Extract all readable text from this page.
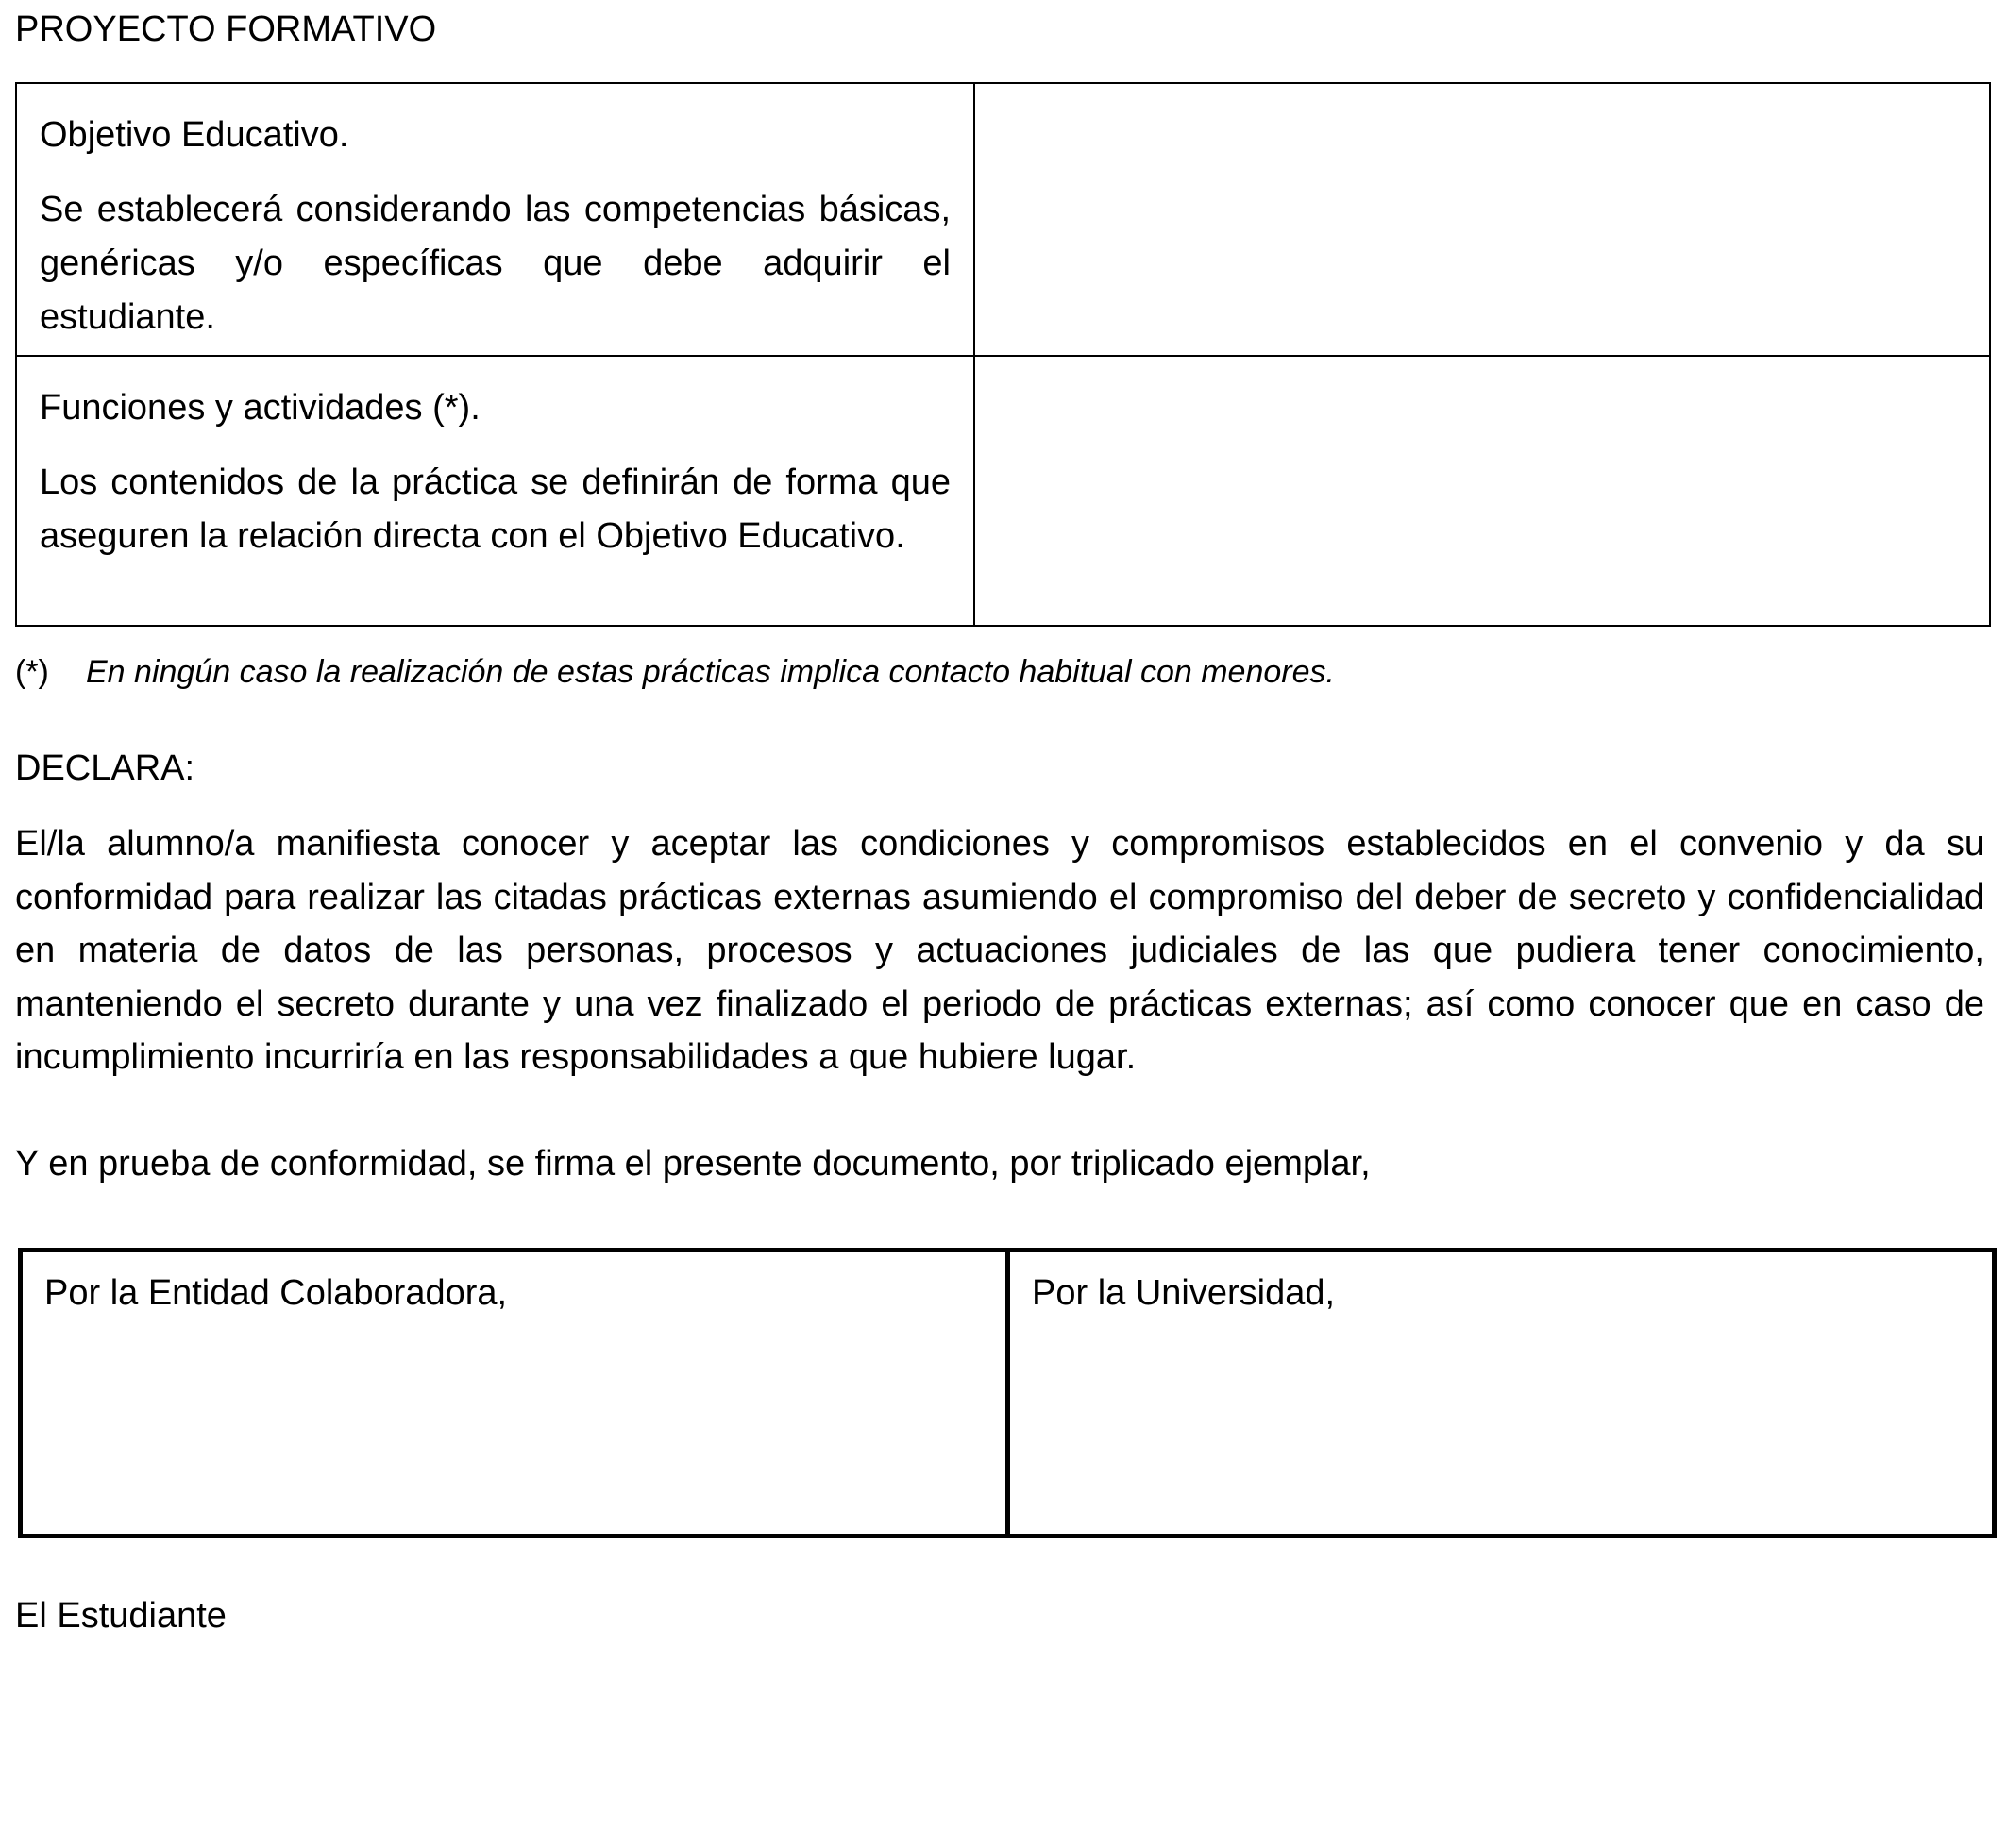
PROYECTO FORMATIVO

Objetivo Educativo.

Se establecerá considerando las competencias básicas, genéricas y/o específicas que debe adquirir el estudiante.

Funciones y actividades (*).

Los contenidos de la práctica se definirán de forma que aseguren la relación directa con el Objetivo Educativo.

(*) En ningún caso la realización de estas prácticas implica contacto habitual con menores.
DECLARA:
El/la alumno/a manifiesta conocer y aceptar las condiciones y compromisos establecidos en el convenio y da su conformidad para realizar las citadas prácticas externas asumiendo el compromiso del deber de secreto y confidencialidad en materia de datos de las personas, procesos y actuaciones judiciales de las que pudiera tener conocimiento, manteniendo el secreto durante y una vez finalizado el periodo de prácticas externas; así como conocer que en caso de incumplimiento incurriría en las responsabilidades a que hubiere lugar.
Y en prueba de conformidad, se firma el presente documento, por triplicado ejemplar,
Por la Entidad Colaboradora,	Por la Universidad,
El Estudiante
